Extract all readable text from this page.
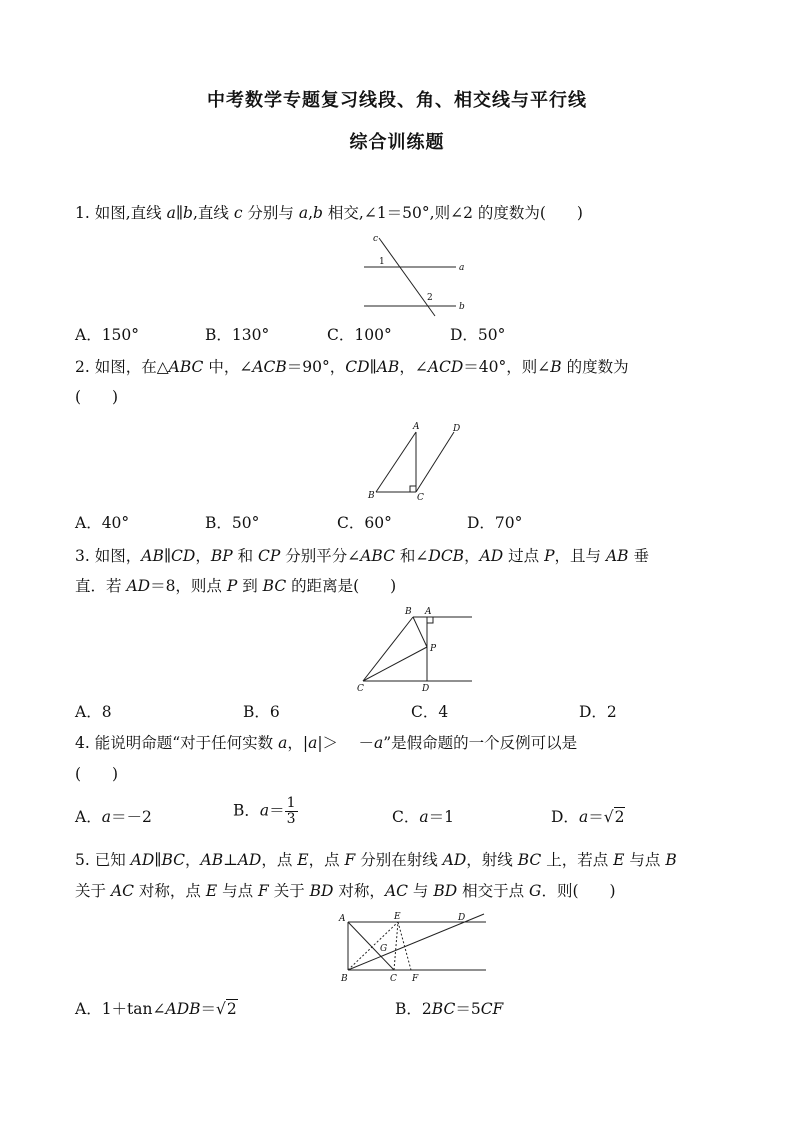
中考数学专题复习线段、角、相交线与平行线
综合训练题
1. 如图,直线 a∥b,直线 c 分别与 a,b 相交,∠1＝50°,则∠2 的度数为(　　)
c
1
a
2
b
A．150°	B．130°	C．100°	D．50°
2. 如图，在△ABC 中，∠ACB＝90°，CD∥AB，∠ACD＝40°，则∠B 的度数为
(　　)
A	D
B	C
A．40°	B．50°	C．60°	D．70°
3. 如图，AB∥CD，BP 和 CP 分别平分∠ABC 和∠DCB，AD 过点 P，且与 AB 垂
直．若 AD＝8，则点 P 到 BC 的距离是(　　)
B A
P
C	D
A．8	B．6	C．4	D．2
4. 能说明命题“对于任何实数 a，|a|＞　 －a”是假命题的一个反例可以是
(　　)
A．a＝－2	B．$a= \frac{1}{3}$	C．a＝1	D．a＝√2
5. 已知 AD∥BC，AB⊥AD，点 E，点 F 分别在射线 AD，射线 BC 上，若点 E 与点 B
关于 AC 对称，点 E 与点 F 关于 BD 对称，AC 与 BD 相交于点 G．则(　　)
A	E	D
G
B	C F
A．1＋tan∠ADB＝√2	B．2BC＝5CF
